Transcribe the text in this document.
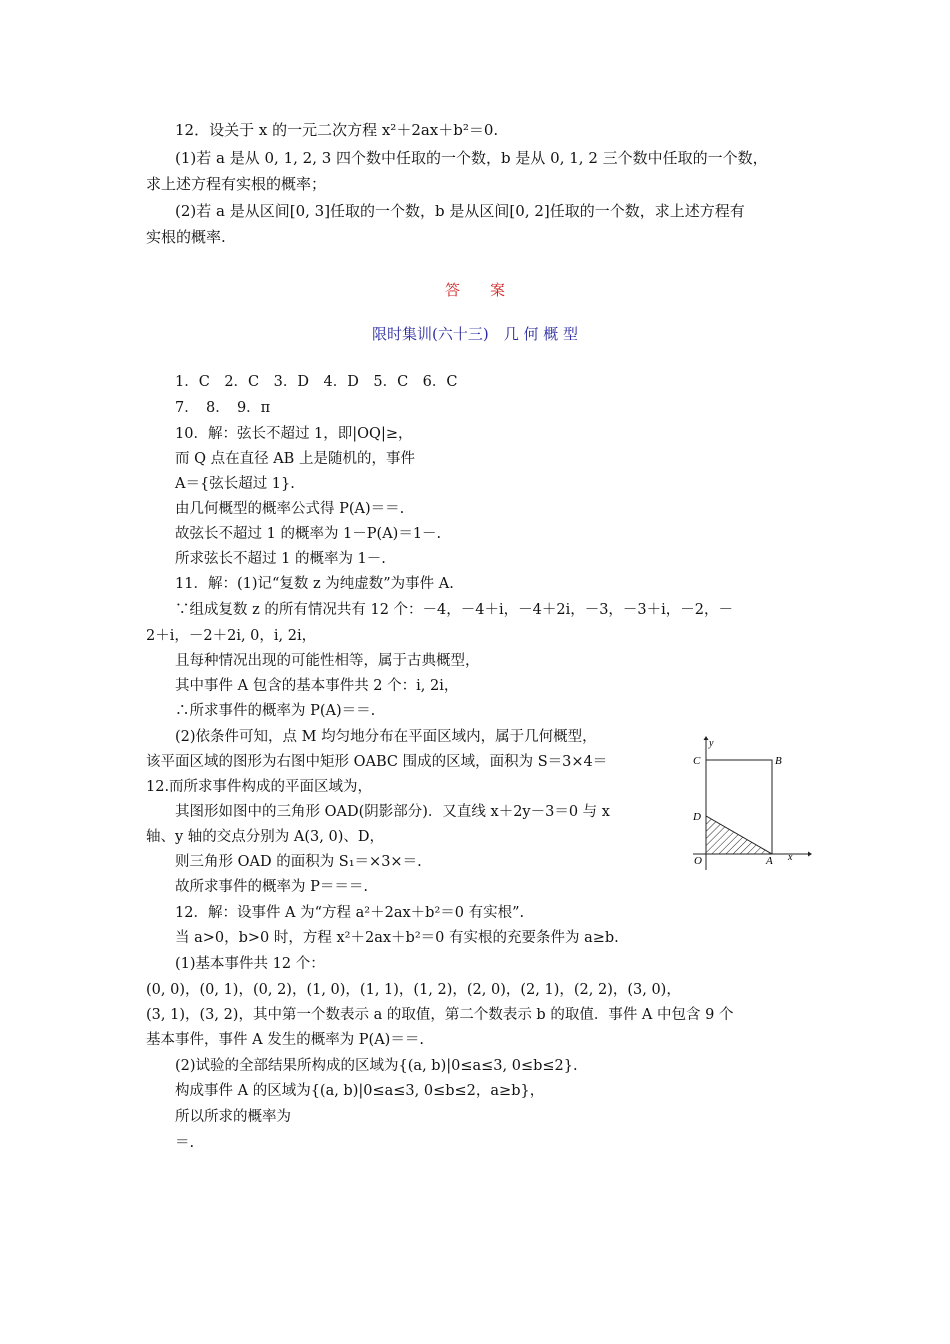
12．设关于 x 的一元二次方程 x²＋2ax＋b²＝0.
(1)若 a 是从 0, 1, 2, 3 四个数中任取的一个数，b 是从 0, 1, 2 三个数中任取的一个数，
求上述方程有实根的概率；
(2)若 a 是从区间[0, 3]任取的一个数，b 是从区间[0, 2]任取的一个数，求上述方程有
实根的概率.
答　　案
限时集训(六十三)　几 何 概 型
1．C　2．C　3．D　4．D　5．C　6．C
7．　8．　9．π
10．解：弦长不超过 1，即|OQ|≥，
而 Q 点在直径 AB 上是随机的，事件
A＝{弦长超过 1}.
由几何概型的概率公式得 P(A)＝＝.
故弦长不超过 1 的概率为 1－P(A)＝1－.
所求弦长不超过 1 的概率为 1－.
11．解：(1)记“复数 z 为纯虚数”为事件 A.
∵组成复数 z 的所有情况共有 12 个：－4，－4＋i，－4＋2i，－3，－3＋i，－2，－
2＋i，－2＋2i, 0，i, 2i，
且每种情况出现的可能性相等，属于古典概型，
其中事件 A 包含的基本事件共 2 个：i, 2i，
∴所求事件的概率为 P(A)＝＝.
(2)依条件可知，点 M 均匀地分布在平面区域内，属于几何概型，
该平面区域的图形为右图中矩形 OABC 围成的区域，面积为 S＝3×4＝
12.而所求事件构成的平面区域为，
其图形如图中的三角形 OAD(阴影部分)．又直线 x＋2y－3＝0 与 x
轴、y 轴的交点分别为 A(3, 0)、D，
则三角形 OAD 的面积为 S₁＝×3×＝.
故所求事件的概率为 P＝＝＝.
12．解：设事件 A 为“方程 a²＋2ax＋b²＝0 有实根”.
当 a>0，b>0 时，方程 x²＋2ax＋b²＝0 有实根的充要条件为 a≥b.
(1)基本事件共 12 个：
(0, 0)，(0, 1)，(0, 2)，(1, 0)，(1, 1)，(1, 2)，(2, 0)，(2, 1)，(2, 2)，(3, 0)，
(3, 1)，(3, 2)，其中第一个数表示 a 的取值，第二个数表示 b 的取值．事件 A 中包含 9 个
基本事件，事件 A 发生的概率为 P(A)＝＝.
(2)试验的全部结果所构成的区域为{(a, b)|0≤a≤3, 0≤b≤2}.
构成事件 A 的区域为{(a, b)|0≤a≤3, 0≤b≤2，a≥b}，
所以所求的概率为
＝.
y
x
C	B
D
O	A
